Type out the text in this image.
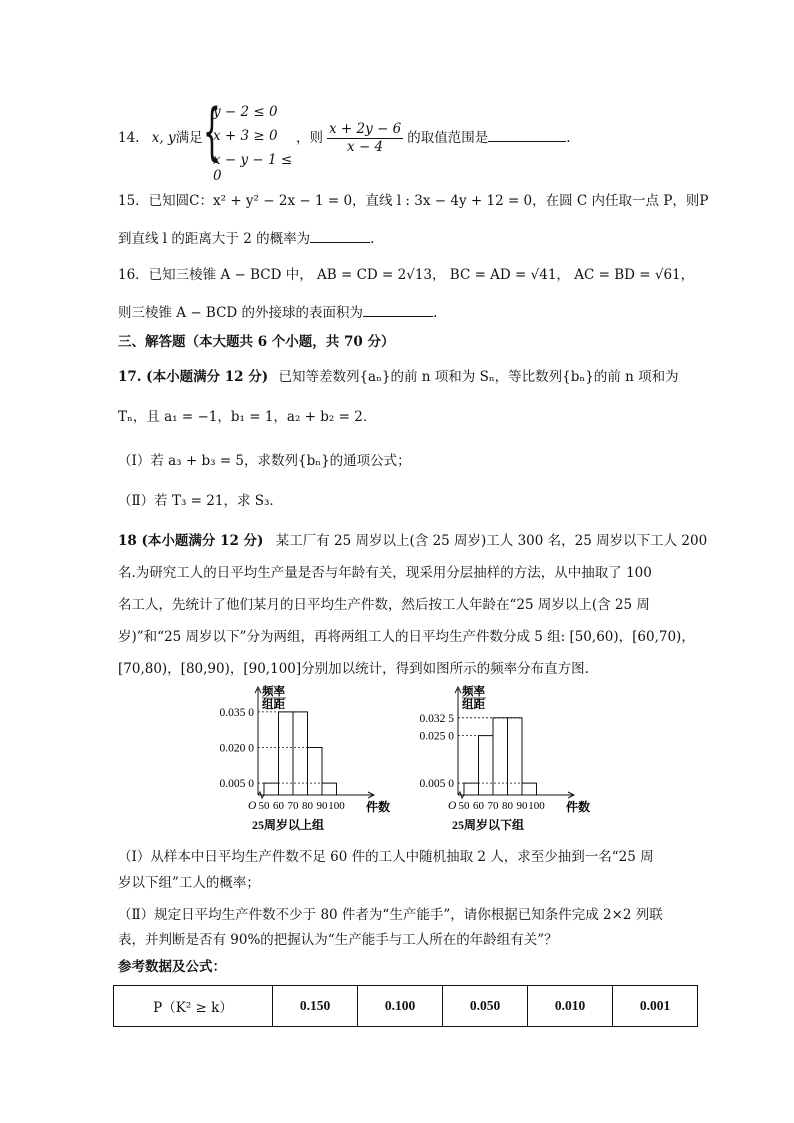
14. x, y满足 {
y − 2 ≤ 0
x + 3 ≥ 0
x − y − 1 ≤ 0
，则 $\frac{x + 2y - 6}{x - 4}$ 的取值范围是	.
15．已知圆C：x² + y² − 2x − 1 = 0，直线 l : 3x − 4y + 12 = 0，在圆 C 内任取一点 P，则P
到直线 l 的距离大于 2 的概率为	.
16．已知三棱锥 A − BCD 中， AB = CD = 2√13， BC = AD = √41， AC = BD = √61，
则三棱锥 A − BCD 的外接球的表面积为	.
三、解答题（本大题共 6 个小题，共 70 分）
17. (本小题满分 12 分) 已知等差数列{aₙ}的前 n 项和为 Sₙ，等比数列{bₙ}的前 n 项和为
Tₙ，且 a₁ = −1，b₁ = 1，a₂ + b₂ = 2．
（Ⅰ）若 a₃ + b₃ = 5，求数列{bₙ}的通项公式；
（Ⅱ）若 T₃ = 21，求 S₃．
18 (本小题满分 12 分) 某工厂有 25 周岁以上(含 25 周岁)工人 300 名，25 周岁以下工人 200
名.为研究工人的日平均生产量是否与年龄有关，现采用分层抽样的方法，从中抽取了 100
名工人，先统计了他们某月的日平均生产件数，然后按工人年龄在“25 周岁以上(含 25 周
岁)”和“25 周岁以下”分为两组，再将两组工人的日平均生产件数分成 5 组: [50,60)，[60,70)，
[70,80)，[80,90)，[90,100]分别加以统计，得到如图所示的频率分布直方图.
频率
组距
0.035 0
0.020 0
0.005 0
50 60 70 80 90 100
O	件数
25周岁以上组
频率
组距
0.032 5
0.025 0
0.005 0
50 60 70 80 90 100
O	件数
25周岁以下组
（Ⅰ）从样本中日平均生产件数不足 60 件的工人中随机抽取 2 人，求至少抽到一名“25 周
岁以下组”工人的概率；
（Ⅱ）规定日平均生产件数不少于 80 件者为“生产能手”，请你根据已知条件完成 2×2 列联
表，并判断是否有 90%的把握认为“生产能手与工人所在的年龄组有关”？
参考数据及公式：
P（K² ≥ k）	0.150	0.100	0.050	0.010	0.001
